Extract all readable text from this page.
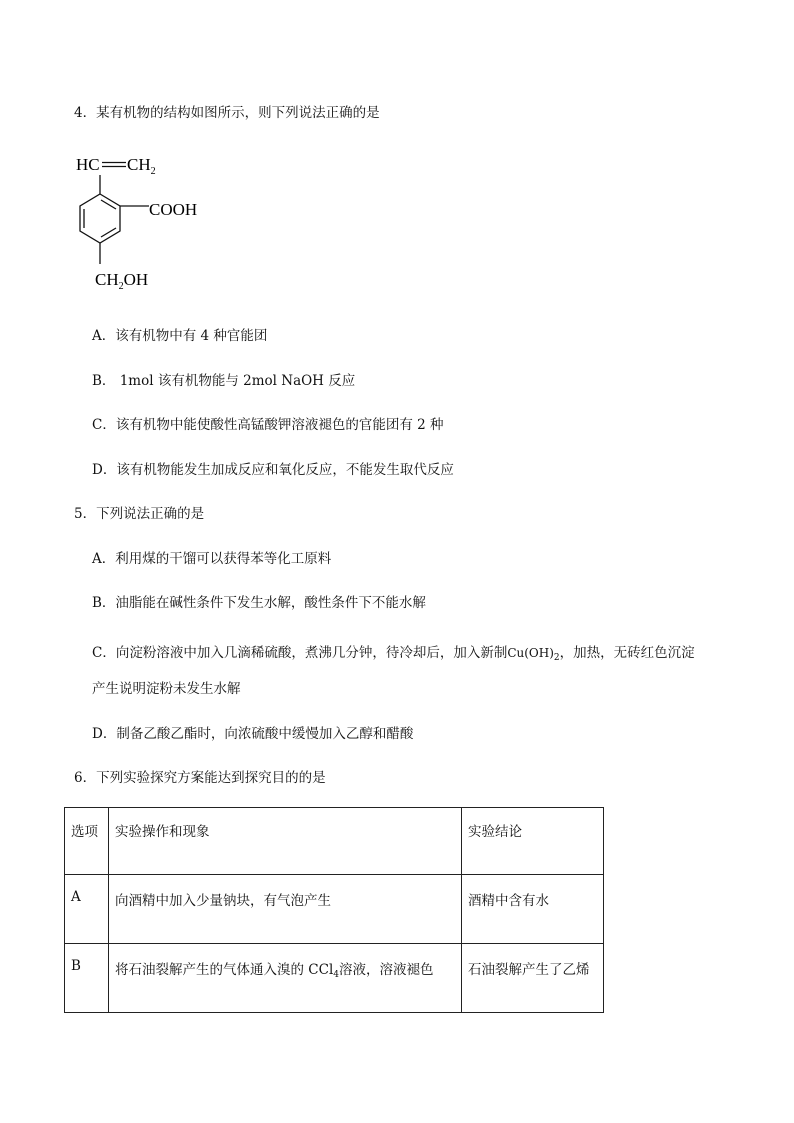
4．某有机物的结构如图所示，则下列说法正确的是
HC $CH_2$
COOH
$CH_2OH$
A．该有机物中有 4 种官能团
B． 1mol 该有机物能与 2mol NaOH 反应
C．该有机物中能使酸性高锰酸钾溶液褪色的官能团有 2 种
D．该有机物能发生加成反应和氧化反应，不能发生取代反应
5．下列说法正确的是
A．利用煤的干馏可以获得苯等化工原料
B．油脂能在碱性条件下发生水解，酸性条件下不能水解
C．向淀粉溶液中加入几滴稀硫酸，煮沸几分钟，待冷却后，加入新制$Cu(OH)_2$，加热，无砖红色沉淀
产生说明淀粉未发生水解
D．制备乙酸乙酯时，向浓硫酸中缓慢加入乙醇和醋酸
6．下列实验探究方案能达到探究目的的是
选项	实验操作和现象	实验结论
A	向酒精中加入少量钠块，有气泡产生	酒精中含有水
B	将石油裂解产生的气体通入溴的 CCl$_4$溶液，溶液褪色	石油裂解产生了乙烯
